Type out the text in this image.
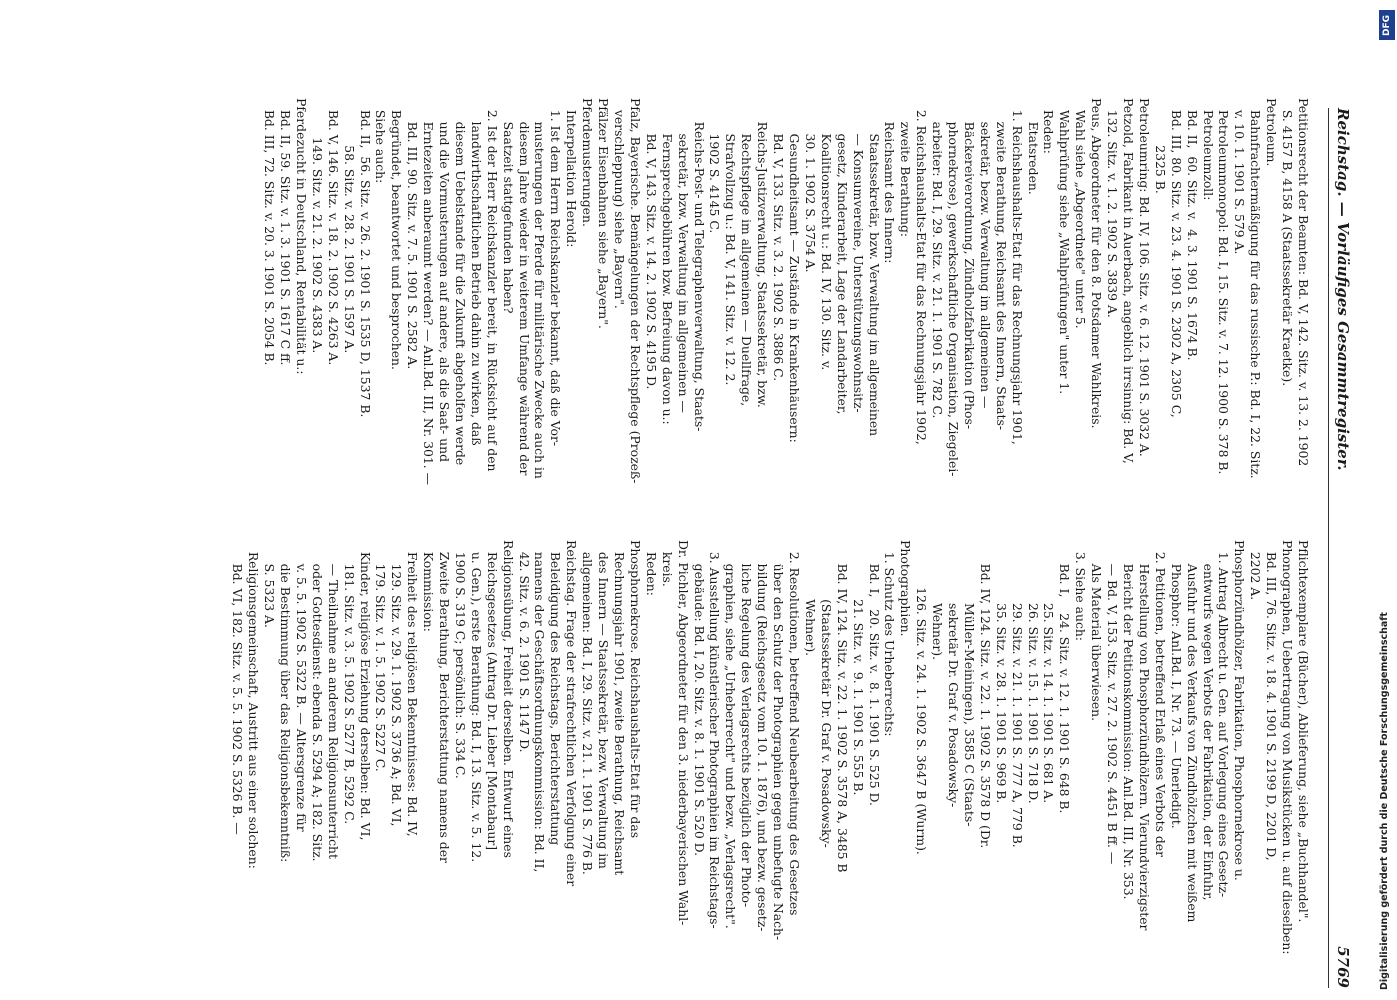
Reichstag. — Vorläufiges Gesammtregister.
5769

Petitionsrecht der Beamten: Bd. V, 142. Sitz. v. 13. 2. 1902

S. 4157 B, 4158 A (Staatssekretär Kraetke).

Petroleum.

Bahnfrachtermäßigung für das russische P.: Bd. I, 22. Sitz.

v. 10. 1. 1901 S. 579 A.

Petroleummonopol: Bd. I, 15. Sitz. v. 7. 12. 1900 S. 378 B.

Petroleumzoll:

Bd. II,  60. Sitz. v.  4. 3. 1901 S. 1674 B.

Bd. III, 80. Sitz. v. 23. 4. 1901 S. 2302 A, 2305 C,

2325 B.

Petroleumring: Bd. IV, 106. Sitz. v. 6. 12. 1901 S. 3032 A.

Petzold, Fabrikant in Auerbach, angeblich irrsinnig: Bd. V,

132. Sitz. v. 1. 2. 1902 S. 3839 A.

Peus, Abgeordneter für den 8. Potsdamer Wahlkreis.

Wahl siehe „Abgeordnete" unter 5.

Wahlprüfung siehe „Wahlprüfungen" unter 1.

Reden:

Etatsreden.

1. Reichshaushalts-Etat für das Rechnungsjahr 1901,

zweite Berathung, Reichsamt des Innern, Staats-

sekretär, bezw. Verwaltung im allgemeinen —

Bäckereiverordnung, Zündholzfabrikation (Phos-

phornekrose), gewerkschaftliche Organisation, Ziegelei-

arbeiter: Bd. I, 29. Sitz. v. 21. 1. 1901 S. 782 C.

2. Reichshaushalts-Etat für das Rechnungsjahr 1902,

zweite Berathung:

Reichsamt des Innern:

Staatssekretär, bzw. Verwaltung im allgemeinen

— Konsumvereine, Unterstützungswohnsitz-

gesetz, Kinderarbeit, Lage der Landarbeiter,

Koalitionsrecht u.: Bd. IV, 130. Sitz. v.

30. 1. 1902 S. 3754 A.

Gesundheitsamt — Zustände in Krankenhäusern:

Bd. V, 133. Sitz. v. 3. 2. 1902 S. 3886 C.

Reichs-Justizverwaltung, Staatssekretär, bzw.

Rechtspflege im allgemeinen — Duellfrage,

Strafvollzug u.: Bd. V, 141. Sitz. v. 12. 2.

1902 S. 4145 C.

Reichs-Post- und Telegraphenverwaltung, Staats-

sekretär, bzw. Verwaltung im allgemeinen —

Fernsprechgebühren bzw. Befreiung davon u.:

Bd. V, 143. Sitz. v. 14. 2. 1902 S. 4195 D.

Pfalz, Bayerische. Bemängelungen der Rechtspflege (Prozeß-

verschleppung) siehe „Bayern".

Pfälzer Eisenbahnen siehe „Bayern".

Pferdemusterungen.

Interpellation Herold:

1. Ist dem Herrn Reichskanzler bekannt, daß die Vor-

musterungen der Pferde für militärische Zwecke auch in

diesem Jahre wieder in weiterem Umfange während der

Saatzeit stattgefunden haben?

2. Ist der Herr Reichskanzler bereit, in Rücksicht auf den

landwirthschaftlichen Betrieb dahin zu wirken, daß

diesem Uebelstande für die Zukunft abgeholfen werde

und die Vormusterungen auf andere, als die Saat- und

Erntezeiten anberaumt werden? — Anl.Bd. III, Nr. 301. —

Bd. III, 90. Sitz. v. 7. 5. 1901 S. 2582 A.

Begründet, beantwortet und besprochen.

Siehe auch:

Bd. II,  56. Sitz. v. 26. 2. 1901 S. 1535 D, 1537 B.

58. Sitz. v. 28. 2. 1901 S. 1597 A.

Bd. V, 146. Sitz. v. 18. 2. 1902 S. 4263 A.

149. Sitz. v. 21. 2. 1902 S. 4383 A.

Pferdezucht in Deutschland, Rentabilität u.:

Bd. II, 59. Sitz. v. 1. 3. 1901 S. 1617 C ff.

Bd. III, 72. Sitz. v. 20. 3. 1901 S. 2054 B.

Pflichtexemplare (Bücher), Ablieferung, siehe „Buchhandel".

Phonographen, Uebertragung von Musikstücken u. auf dieselben:

Bd. III, 76. Sitz. v. 18. 4. 1901 S. 2199 D, 2201 D,

2202 A.

Phosphorzündhölzer, Fabrikation, Phosphornekrose u.

1. Antrag Albrecht u. Gen. auf Vorlegung eines Gesetz-

entwurfs wegen Verbots der Fabrikation, der Einfuhr,

Ausfuhr und des Verkaufs von Zündhölzchen mit weißem

Phosphor: Anl.Bd. I, Nr. 73. — Unerledigt.

2. Petitionen, betreffend Erlaß eines Verbots der

Herstellung von Phosphorzündhölzern. Vierundvierzigster

Bericht der Petitionskommission: Anl.Bd. III, Nr. 353.

— Bd. V, 153. Sitz. v. 27. 2. 1902 S. 4451 B ff. —

Als Material überwiesen.

3. Siehe auch:

Bd. I,    24. Sitz. v. 12. 1. 1901 S. 648 B.

25. Sitz. v. 14. 1. 1901 S. 681 A.

26. Sitz. v. 15. 1. 1901 S. 718 D.

29. Sitz. v. 21. 1. 1901 S. 777 A, 779 B.

35. Sitz. v. 28. 1. 1901 S. 969 B.

Bd. IV, 124. Sitz. v. 22. 1. 1902 S. 3578 D (Dr.

Müller-Meiningen), 3585 C (Staats-

sekretär Dr. Graf v. Posadowsky-

Wehner).

126. Sitz. v. 24. 1. 1902 S. 3647 B (Wurm).

Photographien.

1. Schutz des Urheberrechts:

Bd. I,   20. Sitz. v.  8. 1. 1901 S. 525 D.

21. Sitz. v.  9. 1. 1901 S. 555 B.

Bd. IV, 124. Sitz. v. 22. 1. 1902 S. 3578 A, 3485 B

(Staatssekretär Dr. Graf v. Posadowsky-

Wehner).

2. Resolutionen, betreffend Neubearbeitung des Gesetzes

über den Schutz der Photographien gegen unbefugte Nach-

bildung (Reichsgesetz vom 10. 1. 1876), und bezw. gesetz-

liche Regelung des Verlagsrechts bezüglich der Photo-

graphien, siehe „Urheberrecht" und bezw. „Verlagsrecht".

3. Ausstellung künstlerischer Photographien im Reichstags-

gebäude: Bd. I, 20. Sitz. v. 8. 1. 1901 S. 520 D.

Dr. Pichler, Abgeordneter für den 3. niederbayerischen Wahl-

kreis.

Reden:

Phosphornekrose. Reichshaushalts-Etat für das

Rechnungsjahr 1901, zweite Berathung, Reichsamt

des Innern — Staatssekretär, bezw. Verwaltung im

allgemeinen: Bd. I, 29. Sitz. v. 21. 1. 1901 S. 776 B.

Reichstag. Frage der strafrechtlichen Verfolgung einer

Beleidigung des Reichstags, Berichterstattung

namens der Geschäftsordnungskommission: Bd. II,

42. Sitz. v. 6. 2. 1901 S. 1147 D.

Religionsübung, Freiheit derselben. Entwurf eines

Reichsgesetzes (Antrag Dr. Lieber [Montabaur]

u. Gen.), erste Berathung: Bd. I, 13. Sitz. v. 5. 12.

1900 S. 319 C; persönlich: S. 334 C.

Zweite Berathung, Berichterstattung namens der

Kommission:

Freiheit des religiösen Bekenntnisses: Bd. IV,

129. Sitz. v. 29. 1. 1902 S. 3736 A; Bd. VI,

179. Sitz. v. 1. 5. 1902 S. 5227 C.

Kinder, religiöse Erziehung derselben: Bd. VI,

181. Sitz. v. 3. 5. 1902 S. 5277 B, 5292 C.

— Theilnahme an anderem Religionsunterricht

oder Gottesdienst: ebenda S. 5294 A; 182. Sitz.

v. 5. 5. 1902 S. 5322 B. — Altersgrenze für

die Bestimmung über das Religionsbekenntniß:

S. 5323 A.

Religionsgemeinschaft, Austritt aus einer solchen:

Bd. VI, 182. Sitz. v. 5. 5. 1902 S. 5326 B. —

DFG
Digitalisierung gefördert durch die Deutsche Forschungsgemeinschaft
